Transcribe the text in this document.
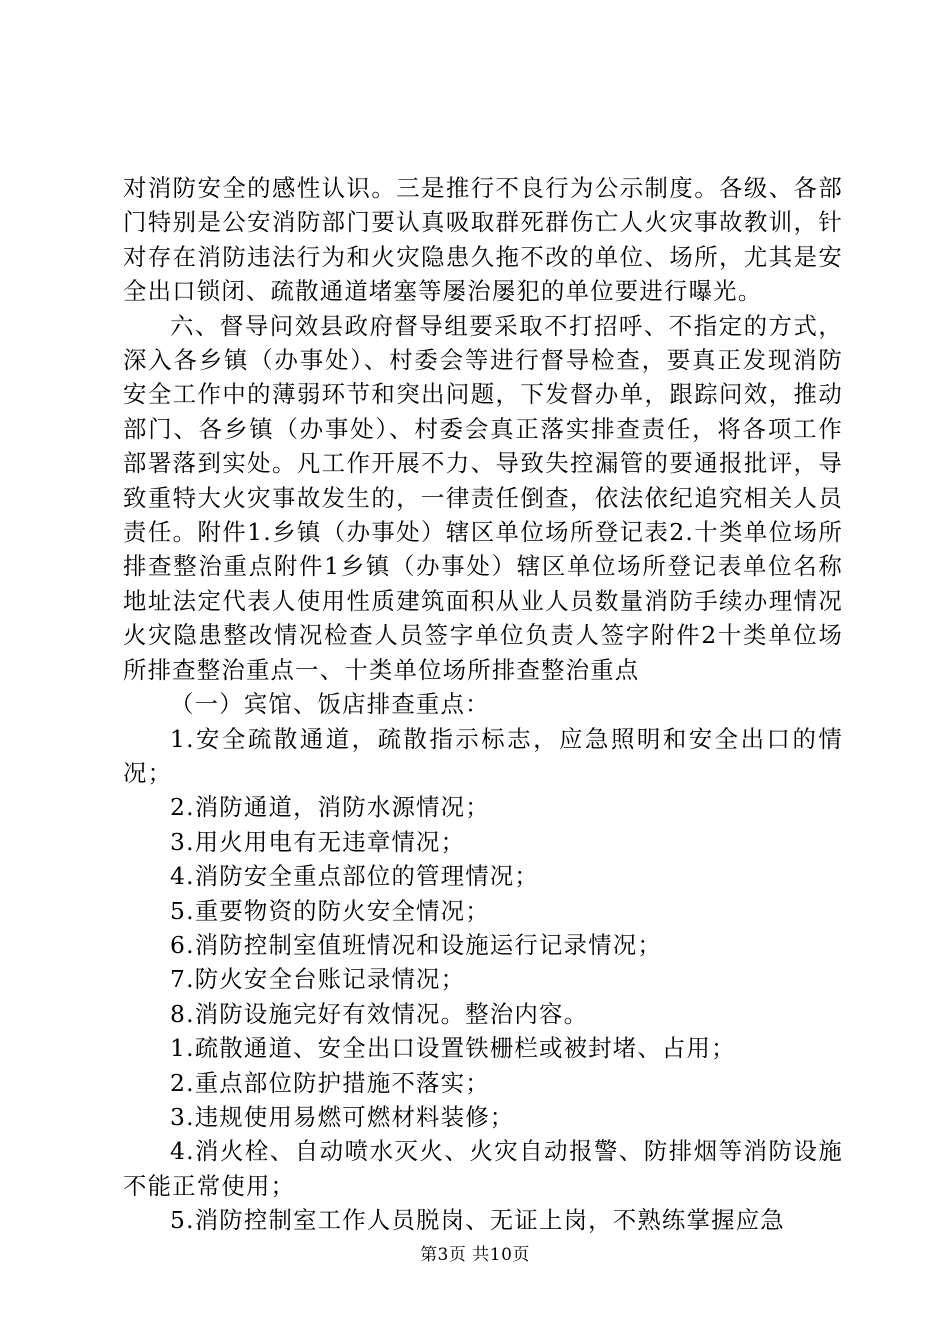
对消防安全的感性认识。三是推行不良行为公示制度。各级、各部门特别是公安消防部门要认真吸取群死群伤亡人火灾事故教训，针对存在消防违法行为和火灾隐患久拖不改的单位、场所，尤其是安全出口锁闭、疏散通道堵塞等屡治屡犯的单位要进行曝光。

六、督导问效县政府督导组要采取不打招呼、不指定的方式，深入各乡镇（办事处）、村委会等进行督导检查，要真正发现消防安全工作中的薄弱环节和突出问题，下发督办单，跟踪问效，推动部门、各乡镇（办事处）、村委会真正落实排查责任，将各项工作部署落到实处。凡工作开展不力、导致失控漏管的要通报批评，导致重特大火灾事故发生的，一律责任倒查，依法依纪追究相关人员责任。附件1.乡镇（办事处）辖区单位场所登记表2.十类单位场所排查整治重点附件1乡镇（办事处）辖区单位场所登记表单位名称地址法定代表人使用性质建筑面积从业人员数量消防手续办理情况火灾隐患整改情况检查人员签字单位负责人签字附件2十类单位场所排查整治重点一、十类单位场所排查整治重点

（一）宾馆、饭店排查重点：

1.安全疏散通道，疏散指示标志，应急照明和安全出口的情况；

2.消防通道，消防水源情况；

3.用火用电有无违章情况；

4.消防安全重点部位的管理情况；

5.重要物资的防火安全情况；

6.消防控制室值班情况和设施运行记录情况；

7.防火安全台账记录情况；

8.消防设施完好有效情况。整治内容。

1.疏散通道、安全出口设置铁栅栏或被封堵、占用；

2.重点部位防护措施不落实；

3.违规使用易燃可燃材料装修；

4.消火栓、自动喷水灭火、火灾自动报警、防排烟等消防设施不能正常使用；

5.消防控制室工作人员脱岗、无证上岗，不熟练掌握应急

第3页 共10页
